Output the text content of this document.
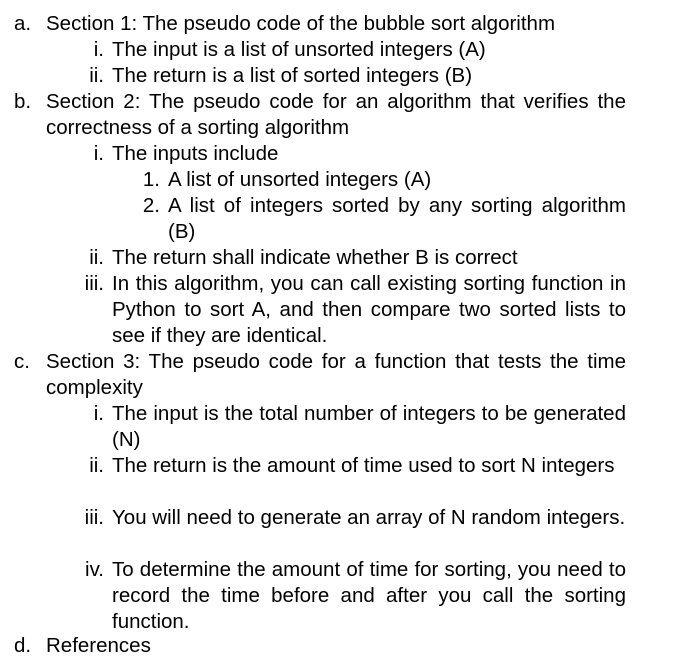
a. Section 1: The pseudo code of the bubble sort algorithm
i. The input is a list of unsorted integers (A)
ii. The return is a list of sorted integers (B)
b. Section 2: The pseudo code for an algorithm that verifies the correctness of a sorting algorithm
i. The inputs include
1. A list of unsorted integers (A)
2. A list of integers sorted by any sorting algorithm (B)
ii. The return shall indicate whether B is correct
iii. In this algorithm, you can call existing sorting function in Python to sort A, and then compare two sorted lists to see if they are identical.
c. Section 3: The pseudo code for a function that tests the time complexity
i. The input is the total number of integers to be generated (N)
ii. The return is the amount of time used to sort N integers
iii. You will need to generate an array of N random integers.
iv. To determine the amount of time for sorting, you need to record the time before and after you call the sorting function.
d. References
